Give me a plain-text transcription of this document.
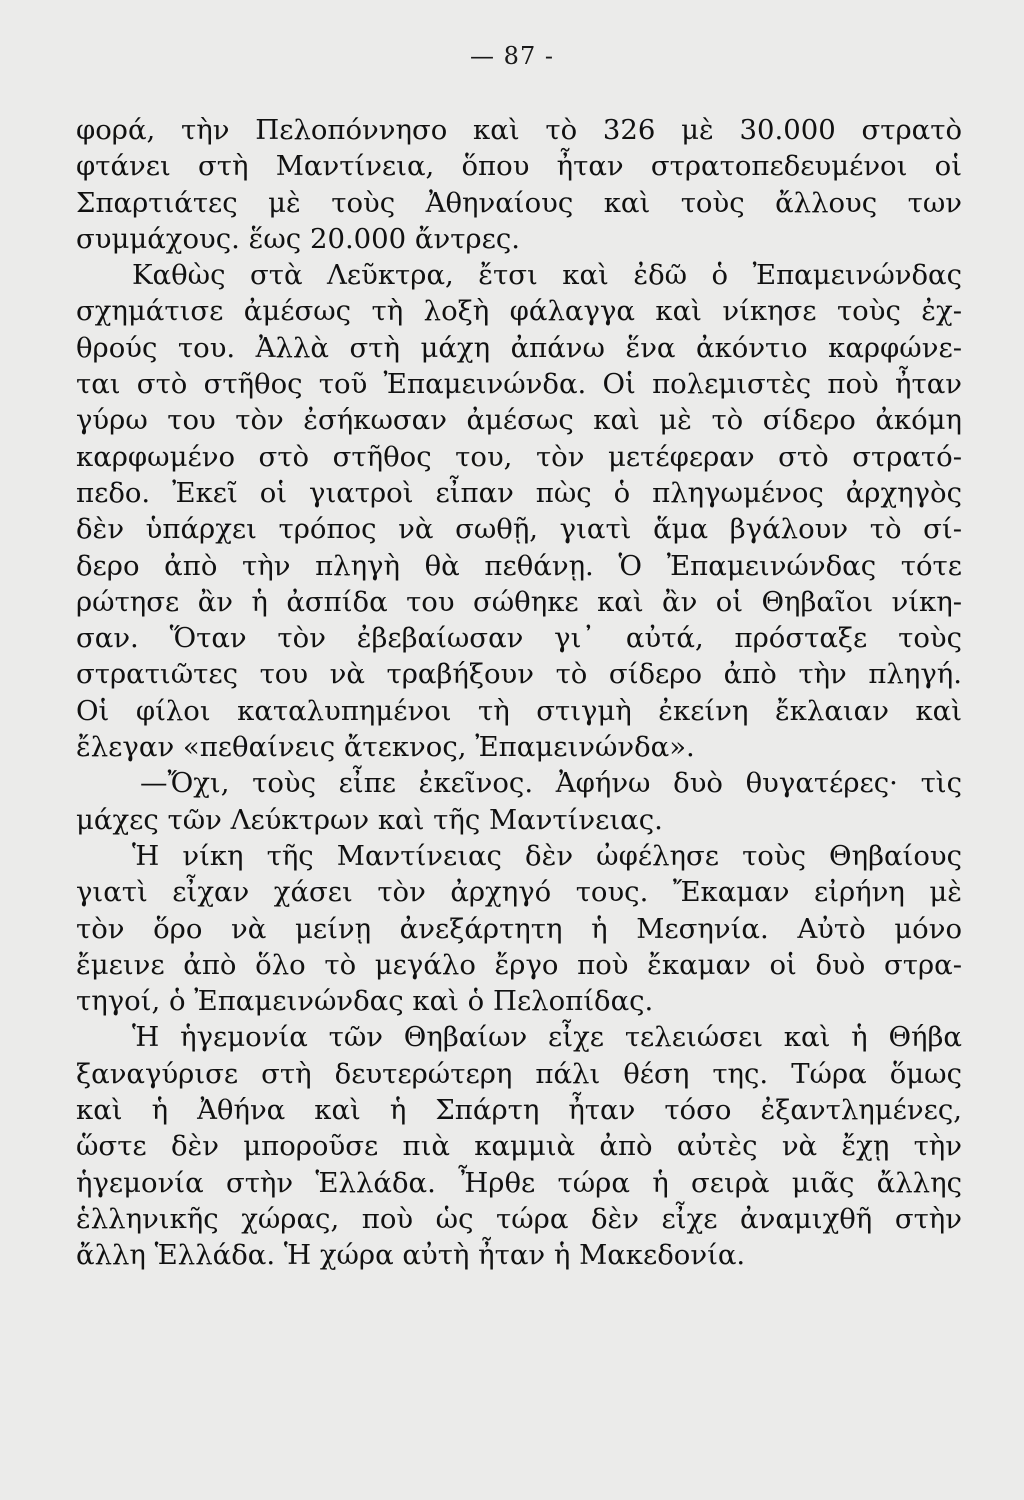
— 87 -
φορά, τὴν Πελοπόννησο καὶ τὸ 326 μὲ 30.000 στρατὸ
φτάνει στὴ Μαντίνεια, ὅπου ἦταν στρατοπεδευμένοι οἱ
Σπαρτιάτες μὲ τοὺς Ἀθηναίους καὶ τοὺς ἄλλους των
συμμάχους. ἕως 20.000 ἄντρες.
Καθὼς στὰ Λεῦκτρα, ἔτσι καὶ ἐδῶ ὁ Ἐπαμεινώνδας
σχημάτισε ἀμέσως τὴ λοξὴ φάλαγγα καὶ νίκησε τοὺς ἐχ-
θρούς του. Ἀλλὰ στὴ μάχη ἀπάνω ἕνα ἀκόντιο καρφώνε-
ται στὸ στῆθος τοῦ Ἐπαμεινώνδα. Οἱ πολεμιστὲς ποὺ ἦταν
γύρω του τὸν ἐσήκωσαν ἀμέσως καὶ μὲ τὸ σίδερο ἀκόμη
καρφωμένο στὸ στῆθος του, τὸν μετέφεραν στὸ στρατό-
πεδο. Ἐκεῖ οἱ γιατροὶ εἶπαν πὼς ὁ πληγωμένος ἀρχηγὸς
δὲν ὑπάρχει τρόπος νὰ σωθῇ, γιατὶ ἅμα βγάλουν τὸ σί-
δερο ἀπὸ τὴν πληγὴ θὰ πεθάνῃ. Ὁ Ἐπαμεινώνδας τότε
ρώτησε ἂν ἡ ἀσπίδα του σώθηκε καὶ ἂν οἱ Θηβαῖοι νίκη-
σαν. Ὅταν τὸν ἐβεβαίωσαν γι᾽ αὐτά, πρόσταξε τοὺς
στρατιῶτες του νὰ τραβήξουν τὸ σίδερο ἀπὸ τὴν πληγή.
Οἱ φίλοι καταλυπημένοι τὴ στιγμὴ ἐκείνη ἔκλαιαν καὶ
ἔλεγαν «πεθαίνεις ἄτεκνος, Ἐπαμεινώνδα».
—Ὄχι, τοὺς εἶπε ἐκεῖνος. Ἀφήνω δυὸ θυγατέρες· τὶς
μάχες τῶν Λεύκτρων καὶ τῆς Μαντίνειας.
Ἡ νίκη τῆς Μαντίνειας δὲν ὠφέλησε τοὺς Θηβαίους
γιατὶ εἶχαν χάσει τὸν ἀρχηγό τους. Ἔκαμαν εἰρήνη μὲ
τὸν ὅρο νὰ μείνῃ ἀνεξάρτητη ἡ Μεσηνία. Αὐτὸ μόνο
ἔμεινε ἀπὸ ὅλο τὸ μεγάλο ἔργο ποὺ ἔκαμαν οἱ δυὸ στρα-
τηγοί, ὁ Ἐπαμεινώνδας καὶ ὁ Πελοπίδας.
Ἡ ἡγεμονία τῶν Θηβαίων εἶχε τελειώσει καὶ ἡ Θήβα
ξαναγύρισε στὴ δευτερώτερη πάλι θέση της. Τώρα ὅμως
καὶ ἡ Ἀθήνα καὶ ἡ Σπάρτη ἦταν τόσο ἐξαντλημένες,
ὥστε δὲν μποροῦσε πιὰ καμμιὰ ἀπὸ αὐτὲς νὰ ἔχῃ τὴν
ἡγεμονία στὴν Ἑλλάδα. Ἦρθε τώρα ἡ σειρὰ μιᾶς ἄλλης
ἑλληνικῆς χώρας, ποὺ ὡς τώρα δὲν εἶχε ἀναμιχθῆ στὴν
ἄλλη Ἑλλάδα. Ἡ χώρα αὐτὴ ἦταν ἡ Μακεδονία.
